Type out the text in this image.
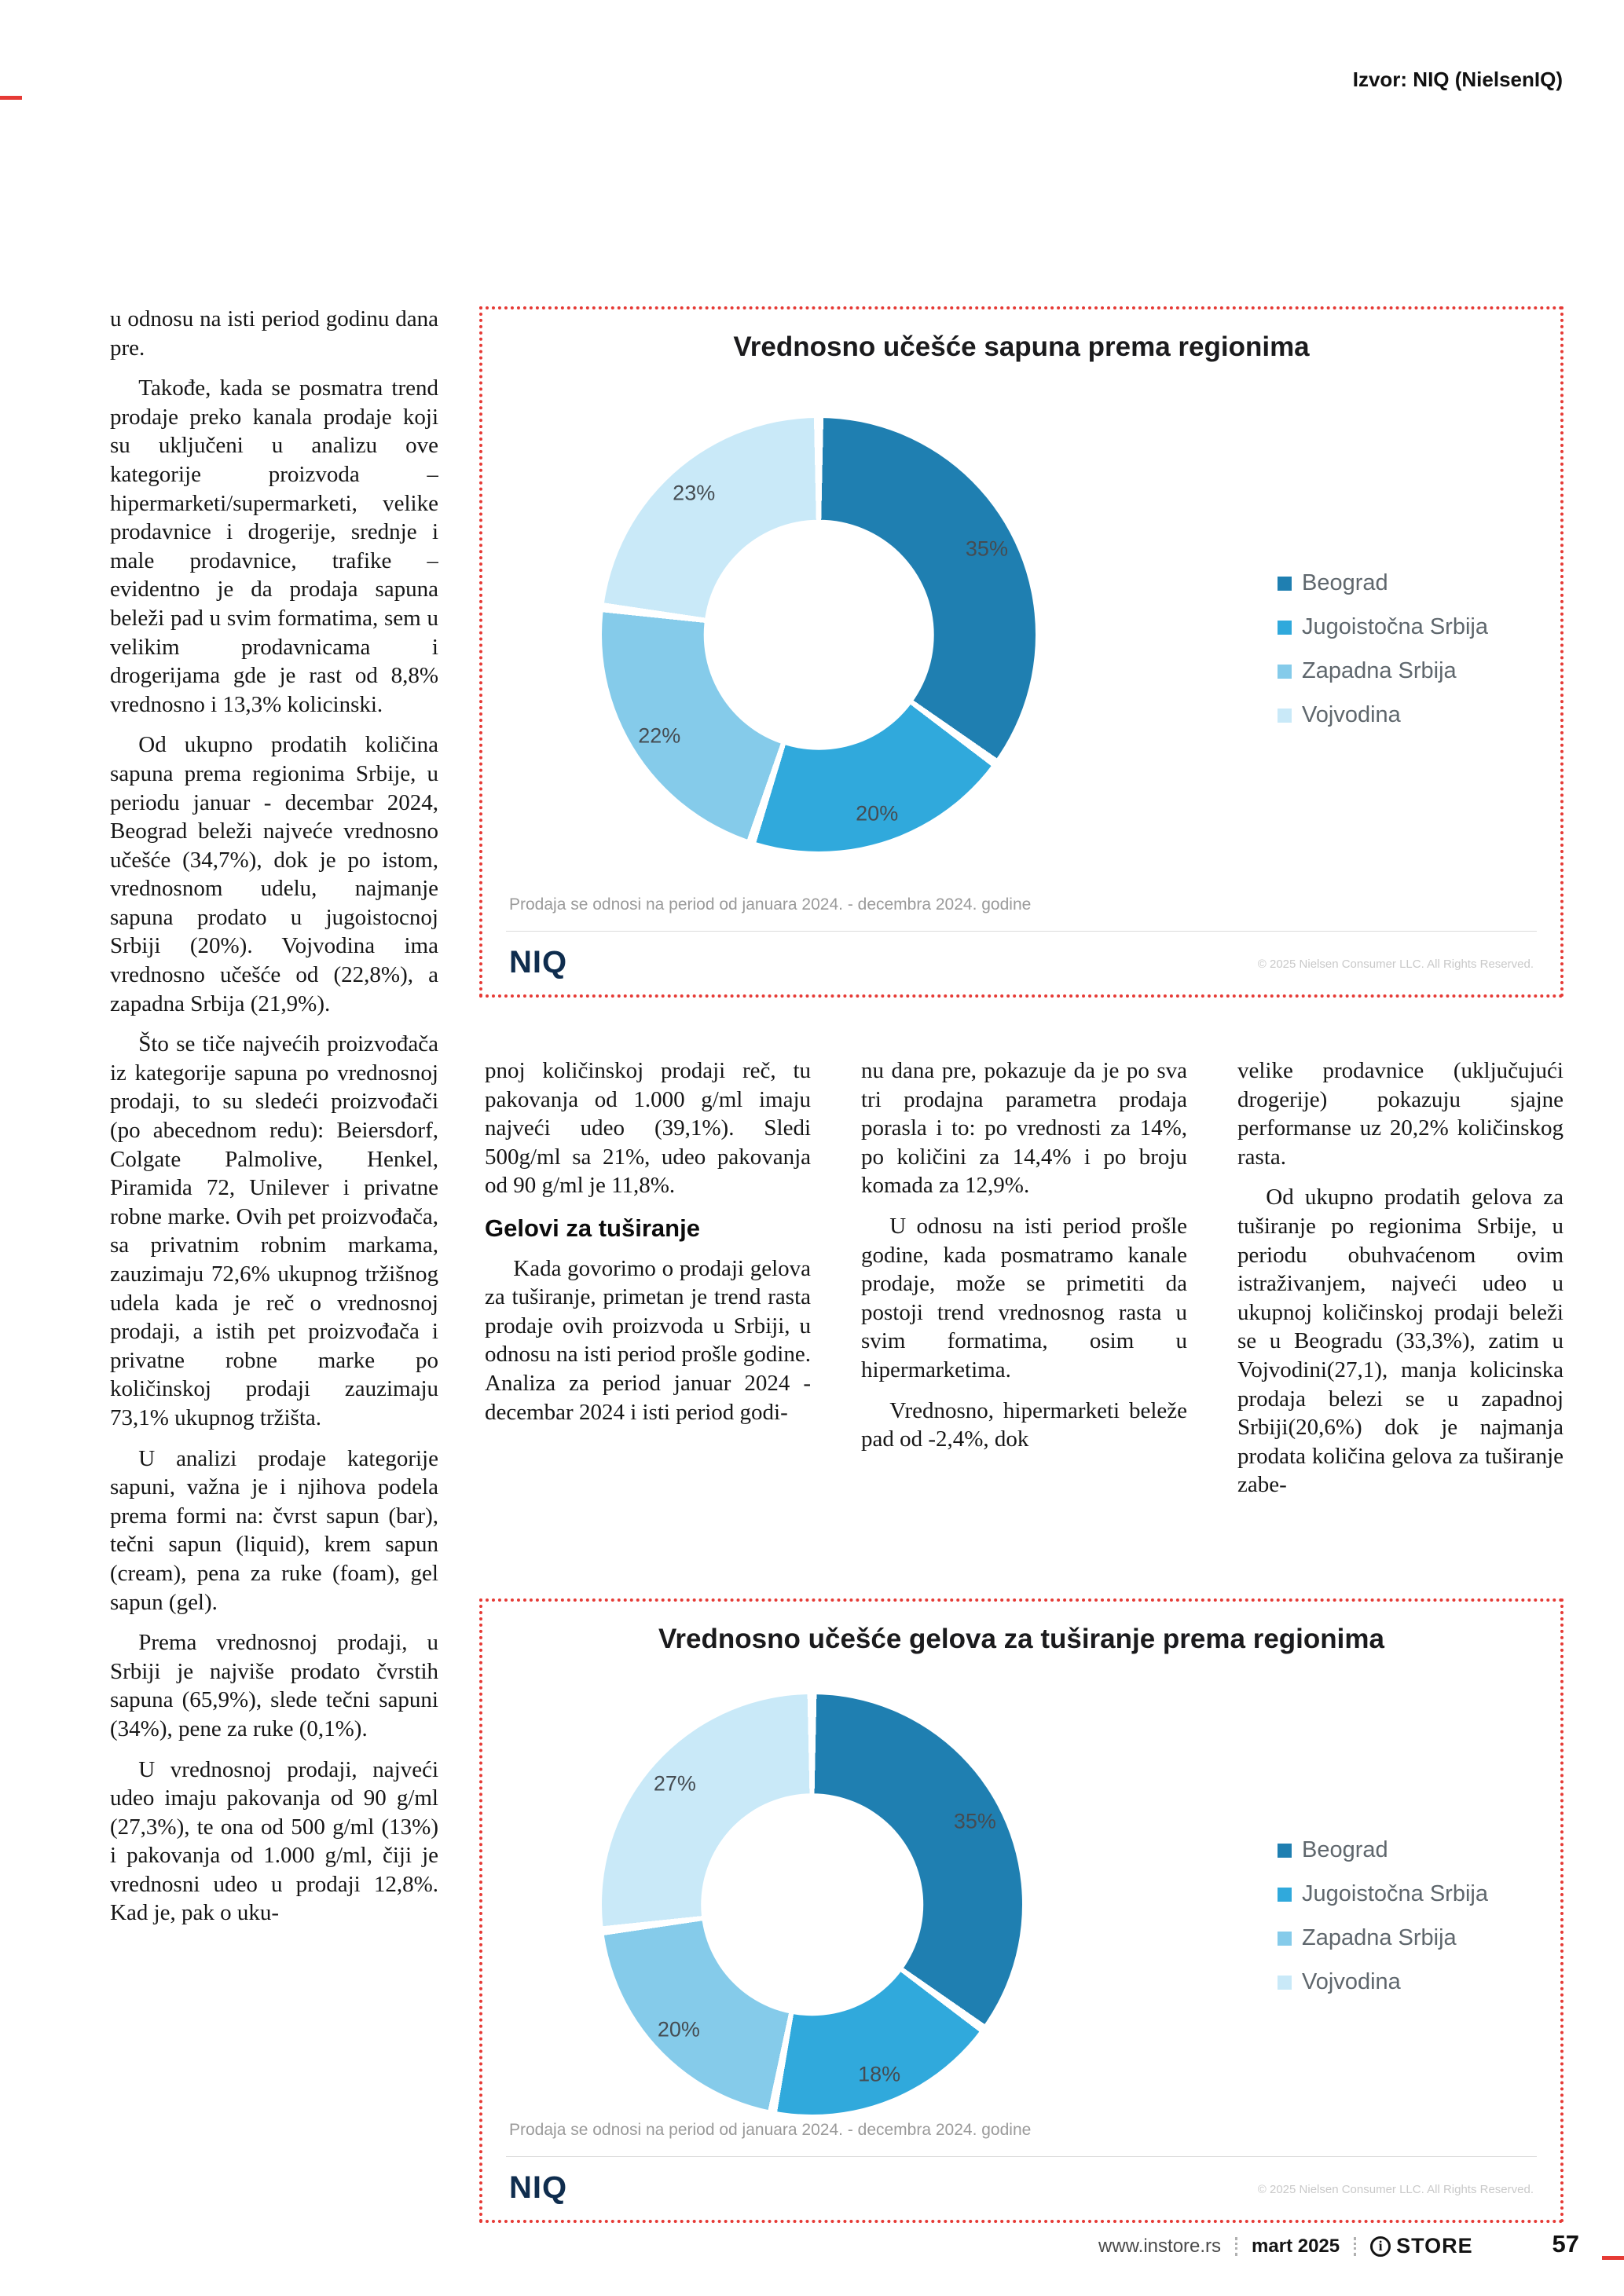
Izvor: NIQ (NielsenIQ)

u odnosu na isti period godinu dana pre.

Takođe, kada se posmatra trend prodaje preko kanala prodaje koji su uključeni u analizu ove kategorije proizvoda – hipermarketi/supermarketi, velike prodavnice i drogerije, srednje i male prodavnice, trafike – evidentno je da prodaja sapuna beleži pad u svim formatima, sem u velikim prodavnicama i drogerijama gde je rast od 8,8% vrednosno i 13,3% kolicinski.

Od ukupno prodatih količina sapuna prema regionima Srbije, u periodu januar - decembar 2024, Beograd beleži najveće vrednosno učešće (34,7%), dok je po istom, vrednosnom udelu, najmanje sapuna prodato u jugoistocnoj Srbiji (20%). Vojvodina ima vrednosno učešće od (22,8%), a zapadna Srbija (21,9%).

Što se tiče najvećih proizvođača iz kategorije sapuna po vrednosnoj prodaji, to su sledeći proizvođači (po abecednom redu): Beiersdorf, Colgate Palmolive, Henkel, Piramida 72, Unilever i privatne robne marke. Ovih pet proizvođača, sa privatnim robnim markama, zauzimaju 72,6% ukupnog tržišnog udela kada je reč o vrednosnoj prodaji, a istih pet proizvođača i privatne robne marke po količinskoj prodaji zauzimaju 73,1% ukupnog tržišta.

U analizi prodaje kategorije sapuni, važna je i njihova podela prema formi na: čvrst sapun (bar), tečni sapun (liquid), krem sapun (cream), pena za ruke (foam), gel sapun (gel).

Prema vrednosnoj prodaji, u Srbiji je najviše prodato čvrstih sapuna (65,9%), slede tečni sapuni (34%), pene za ruke (0,1%).

U vrednosnoj prodaji, najveći udeo imaju pakovanja od 90 g/ml (27,3%), te ona od 500 g/ml (13%) i pakovanja od 1.000 g/ml, čiji je vrednosni udeo u prodaji 12,8%. Kad je, pak o uku-

Vrednosno učešće sapuna prema regionima
35%
20%
22%
23%
Beograd
Jugoistočna Srbija
Zapadna Srbija
Vojvodina
Prodaja se odnosi na period od januara 2024. - decembra 2024. godine
NIQ	© 2025 Nielsen Consumer LLC. All Rights Reserved.

pnoj količinskoj prodaji reč, tu pakovanja od 1.000 g/ml imaju najveći udeo (39,1%). Sledi 500g/ml sa 21%, udeo pakovanja od 90 g/ml je 11,8%.

Gelovi za tuširanje

Kada govorimo o prodaji gelova za tuširanje, primetan je trend rasta prodaje ovih proizvoda u Srbiji, u odnosu na isti period prošle godine. Analiza za period januar 2024 - decembar 2024 i isti period godi-

nu dana pre, pokazuje da je po sva tri prodajna parametra prodaja porasla i to: po vrednosti za 14%, po količini za 14,4% i po broju komada za 12,9%.

U odnosu na isti period prošle godine, kada posmatramo kanale prodaje, može se primetiti da postoji trend vrednosnog rasta u svim formatima, osim u hipermarketima.

Vrednosno, hipermarketi beleže pad od -2,4%, dok

velike prodavnice (uključujući drogerije) pokazuju sjajne performanse uz 20,2% količinskog rasta.

Od ukupno prodatih gelova za tuširanje po regionima Srbije, u periodu obuhvaćenom ovim istraživanjem, najveći udeo u ukupnoj količinskoj prodaji beleži se u Beogradu (33,3%), zatim u Vojvodini(27,1), manja kolicinska prodaja belezi se u zapadnoj Srbiji(20,6%) dok je najmanja prodata količina gelova za tuširanje zabe-

Vrednosno učešće gelova za tuširanje prema regionima
35%
18%
20%
27%
Beograd
Jugoistočna Srbija
Zapadna Srbija
Vojvodina
Prodaja se odnosi na period od januara 2024. - decembra 2024. godine
NIQ	© 2025 Nielsen Consumer LLC. All Rights Reserved.
www.instore.rs mart 2025	i STORE	57
